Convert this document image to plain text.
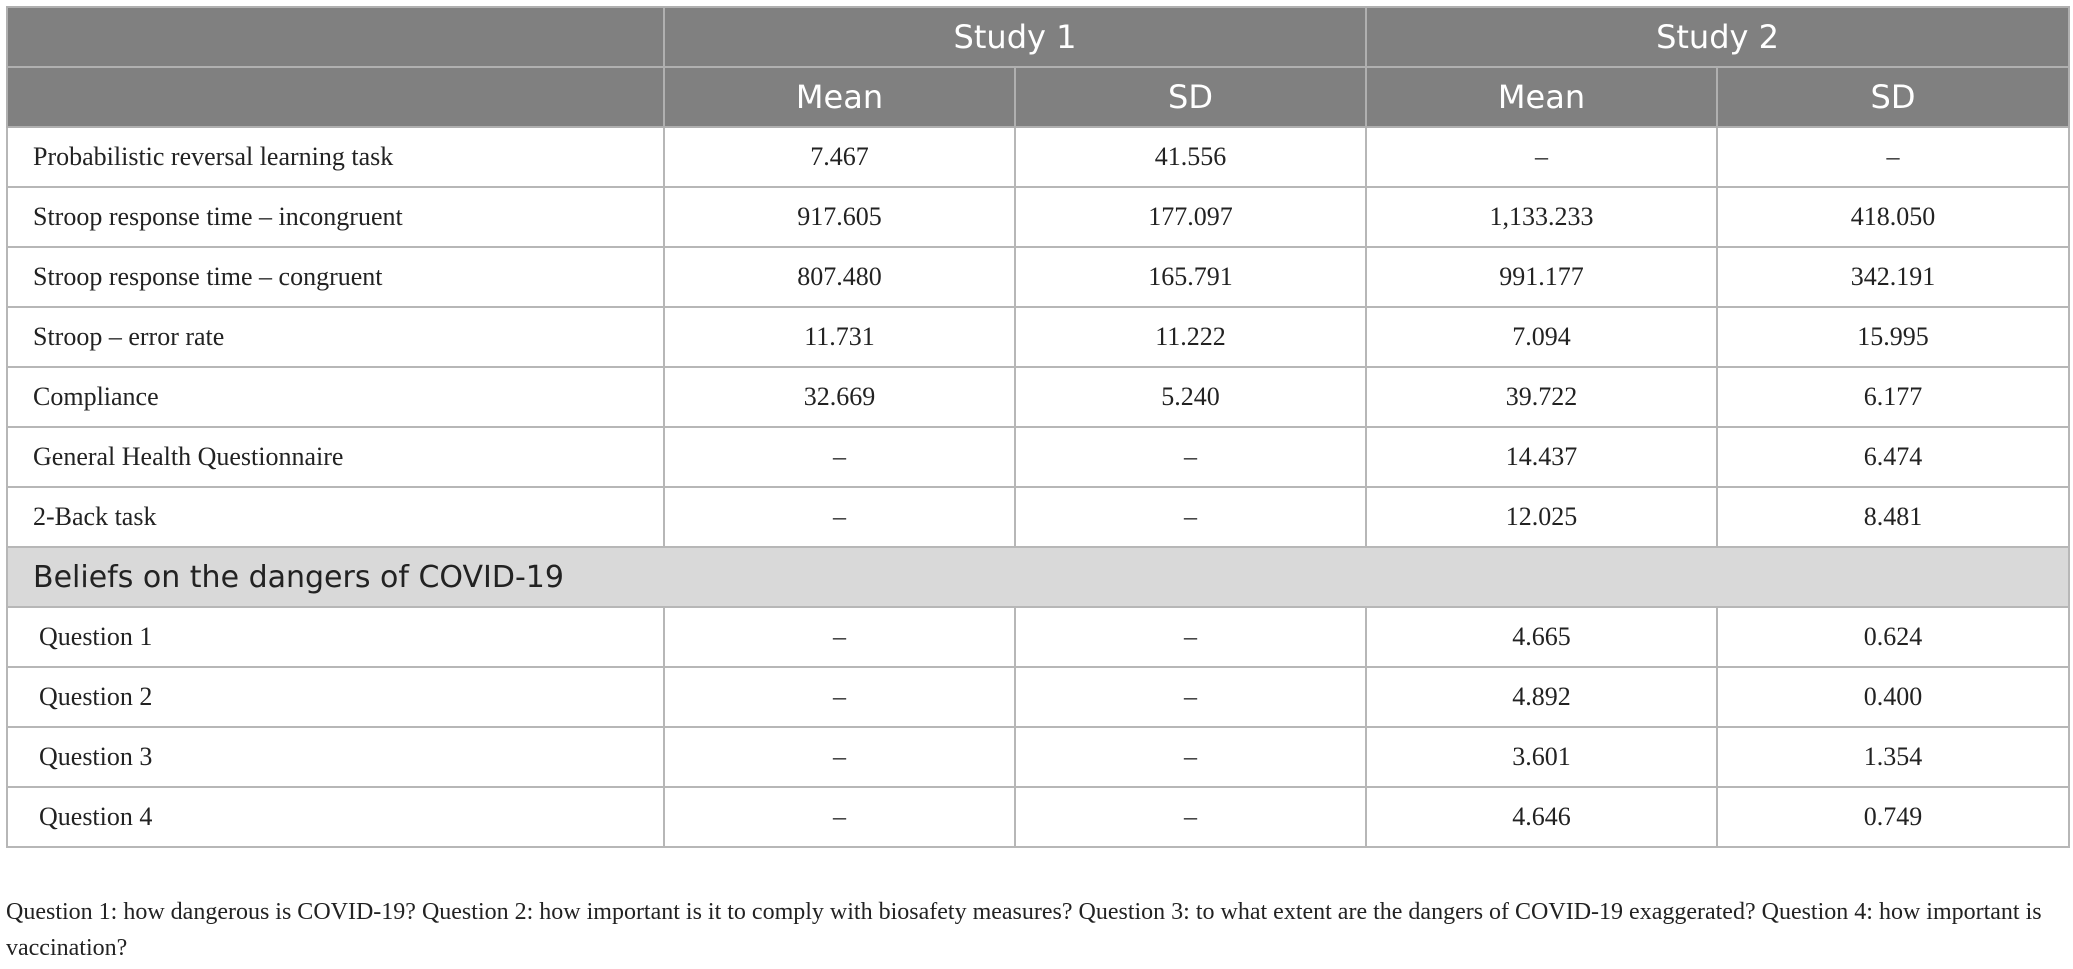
	Study 1		Study 2	
	Mean	SD	Mean	SD
Probabilistic reversal learning task	7.467	41.556	–	–
Stroop response time – incongruent	917.605	177.097	1,133.233	418.050
Stroop response time – congruent	807.480	165.791	991.177	342.191
Stroop – error rate	11.731	11.222	7.094	15.995
Compliance	32.669	5.240	39.722	6.177
General Health Questionnaire	–	–	14.437	6.474
2-Back task	–	–	12.025	8.481
Beliefs on the dangers of COVID-19				
Question 1	–	–	4.665	0.624
Question 2	–	–	4.892	0.400
Question 3	–	–	3.601	1.354
Question 4	–	–	4.646	0.749
Question 1: how dangerous is COVID-19? Question 2: how important is it to comply with biosafety measures? Question 3: to what extent are the dangers of COVID-19 exaggerated? Question 4: how important is vaccination?
